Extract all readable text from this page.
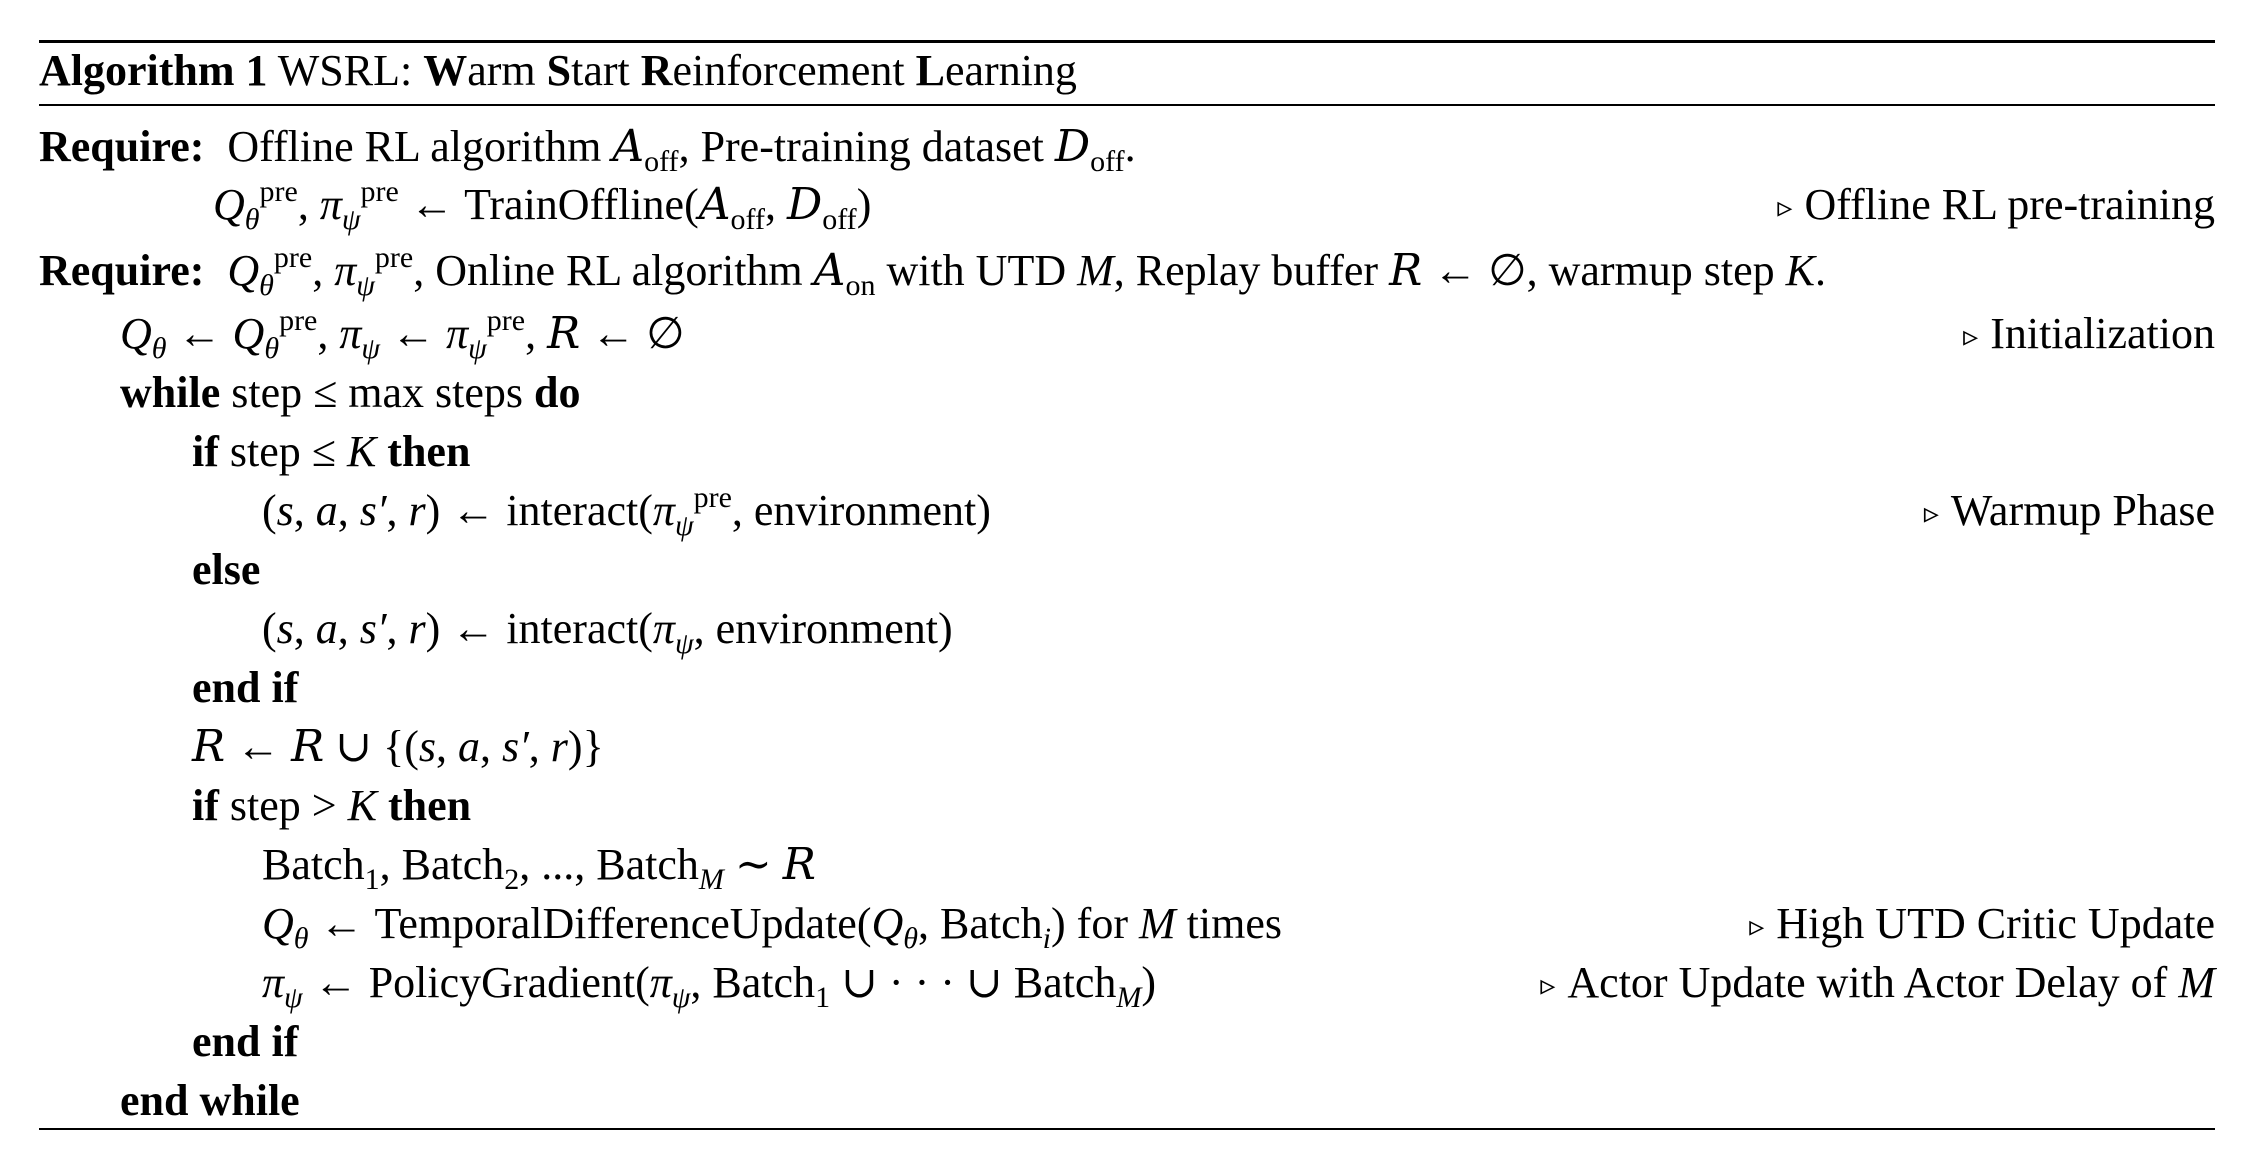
Algorithm 1 WSRL: Warm Start Reinforcement Learning
Require: Offline RL algorithm $A_{off}$, Pre-training dataset $D_{off}$.
$Q_\theta^{pre}$, $\pi_\psi^{pre}$ ← $TrainOffline(A_{off}$, $D_{off}$)	▹ Offline RL pre-training
Require: $Q_\theta^{pre}$, $\pi_\psi^{pre}$, Online RL algorithm $A_{on}$ with UTD M, Replay buffer R ← ∅, warmup step K.
$Q_\theta$ ← $Q_\theta^{pre}$, $\pi_\psi$ ← $\pi_\psi^{pre}$, R ← ∅	▹ Initialization
while step ≤ max steps do
if step ≤ K then
(s, a, s′, r) ← $interact(\pi_\psi^{pre}$, environment)	▹ Warmup Phase
else
(s, a, s′, r) ← $interact(\pi_\psi$, environment)
end if
R ← R ∪ {(s, a, s′, r)}
if step > K then
Batch$_1$, Batch$_2$, ..., Batch$_M$ ∼ R
$Q_\theta$ ← $TemporalDifferenceUpdate(Q_\theta$, Batch$_i$) for M times	▹ High UTD Critic Update
$\pi_\psi$ ← $PolicyGradient(\pi_\psi$, Batch$_1$ ∪ · · · ∪ Batch$_M$)	▹ Actor Update with Actor Delay of M
end if
end while
